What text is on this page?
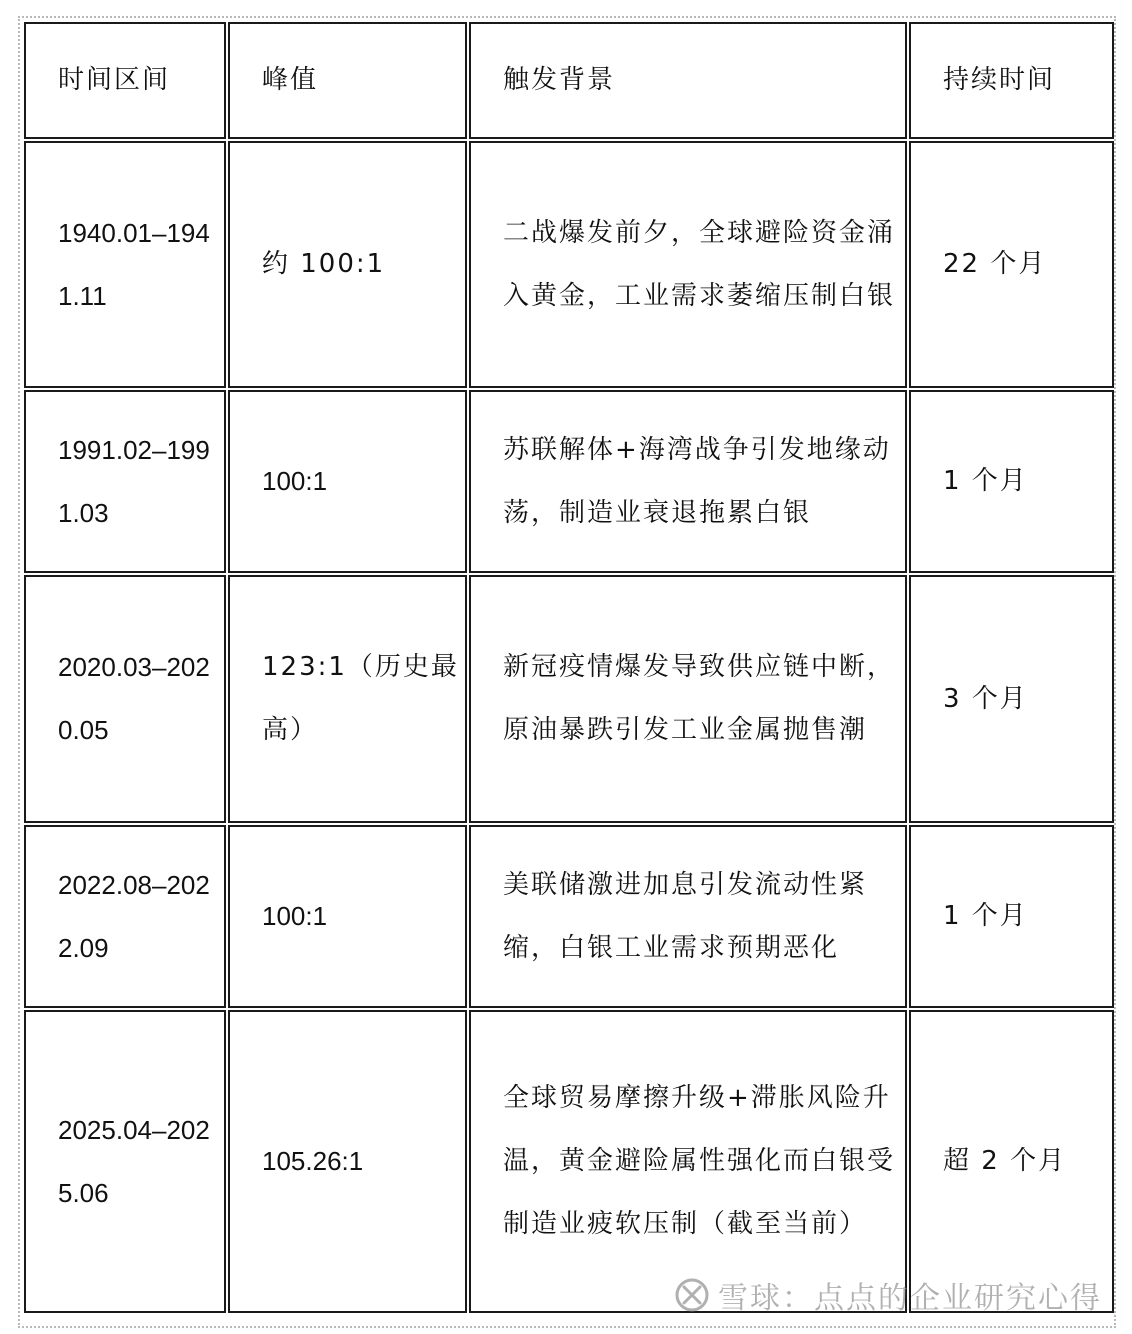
时间区间	峰值	触发背景	持续时间
1940.01–1941.11	约 100:1	二战爆发前夕，全球避险资金涌入黄金，工业需求萎缩压制白银	22 个月
1991.02–1991.03	100:1	苏联解体+海湾战争引发地缘动荡，制造业衰退拖累白银	1 个月
2020.03–2020.05	123:1（历史最高）	新冠疫情爆发导致供应链中断，原油暴跌引发工业金属抛售潮	3 个月
2022.08–2022.09	100:1	美联储激进加息引发流动性紧缩，白银工业需求预期恶化	1 个月
2025.04–2025.06	105.26:1	全球贸易摩擦升级+滞胀风险升温，黄金避险属性强化而白银受制造业疲软压制（截至当前）	超 2 个月
雪球：点点的企业研究心得
